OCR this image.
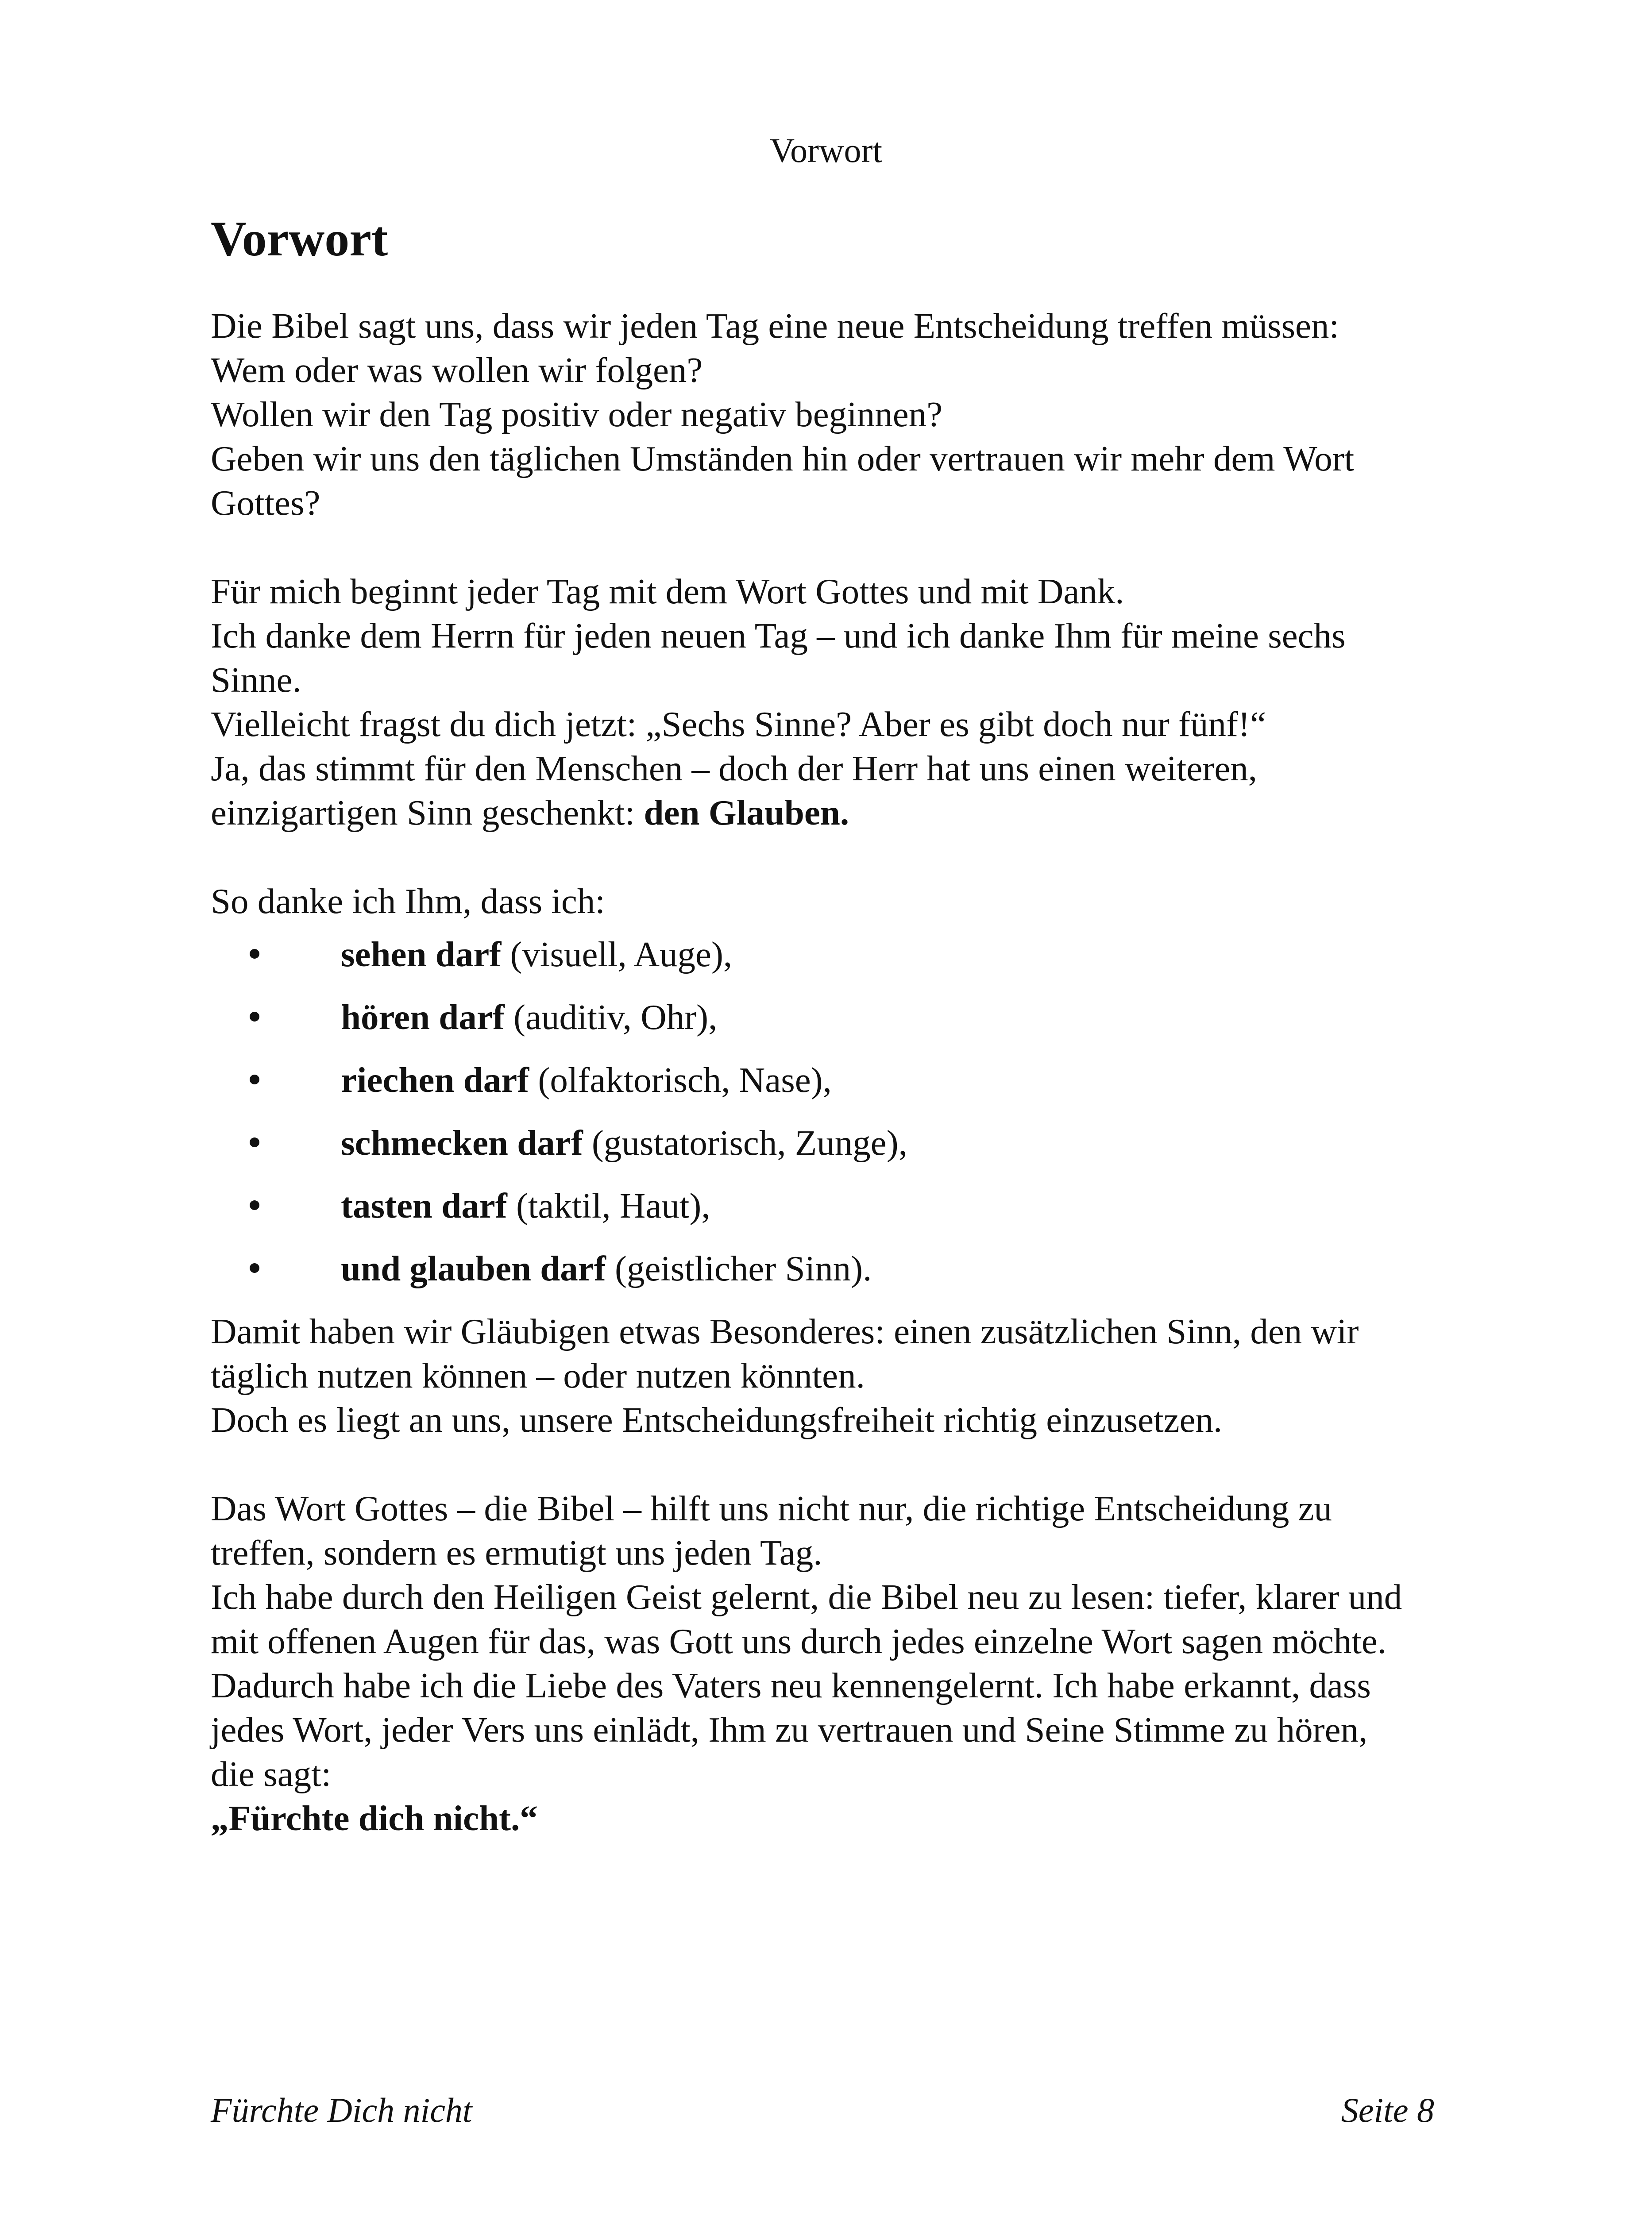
Vorwort
Vorwort

Die Bibel sagt uns, dass wir jeden Tag eine neue Entscheidung treffen müssen:

Wem oder was wollen wir folgen?

Wollen wir den Tag positiv oder negativ beginnen?

Geben wir uns den täglichen Umständen hin oder vertrauen wir mehr dem Wort

Gottes?

Für mich beginnt jeder Tag mit dem Wort Gottes und mit Dank.

Ich danke dem Herrn für jeden neuen Tag – und ich danke Ihm für meine sechs

Sinne.

Vielleicht fragst du dich jetzt: „Sechs Sinne? Aber es gibt doch nur fünf!“

Ja, das stimmt für den Menschen – doch der Herr hat uns einen weiteren,

einzigartigen Sinn geschenkt: den Glauben.

So danke ich Ihm, dass ich:

sehen darf (visuell, Auge),
hören darf (auditiv, Ohr),
riechen darf (olfaktorisch, Nase),
schmecken darf (gustatorisch, Zunge),
tasten darf (taktil, Haut),
und glauben darf (geistlicher Sinn).

Damit haben wir Gläubigen etwas Besonderes: einen zusätzlichen Sinn, den wir

täglich nutzen können – oder nutzen könnten.

Doch es liegt an uns, unsere Entscheidungsfreiheit richtig einzusetzen.

Das Wort Gottes – die Bibel – hilft uns nicht nur, die richtige Entscheidung zu

treffen, sondern es ermutigt uns jeden Tag.

Ich habe durch den Heiligen Geist gelernt, die Bibel neu zu lesen: tiefer, klarer und

mit offenen Augen für das, was Gott uns durch jedes einzelne Wort sagen möchte.

Dadurch habe ich die Liebe des Vaters neu kennengelernt. Ich habe erkannt, dass

jedes Wort, jeder Vers uns einlädt, Ihm zu vertrauen und Seine Stimme zu hören,

die sagt:

„Fürchte dich nicht.“

Fürchte Dich nicht	Seite 8
